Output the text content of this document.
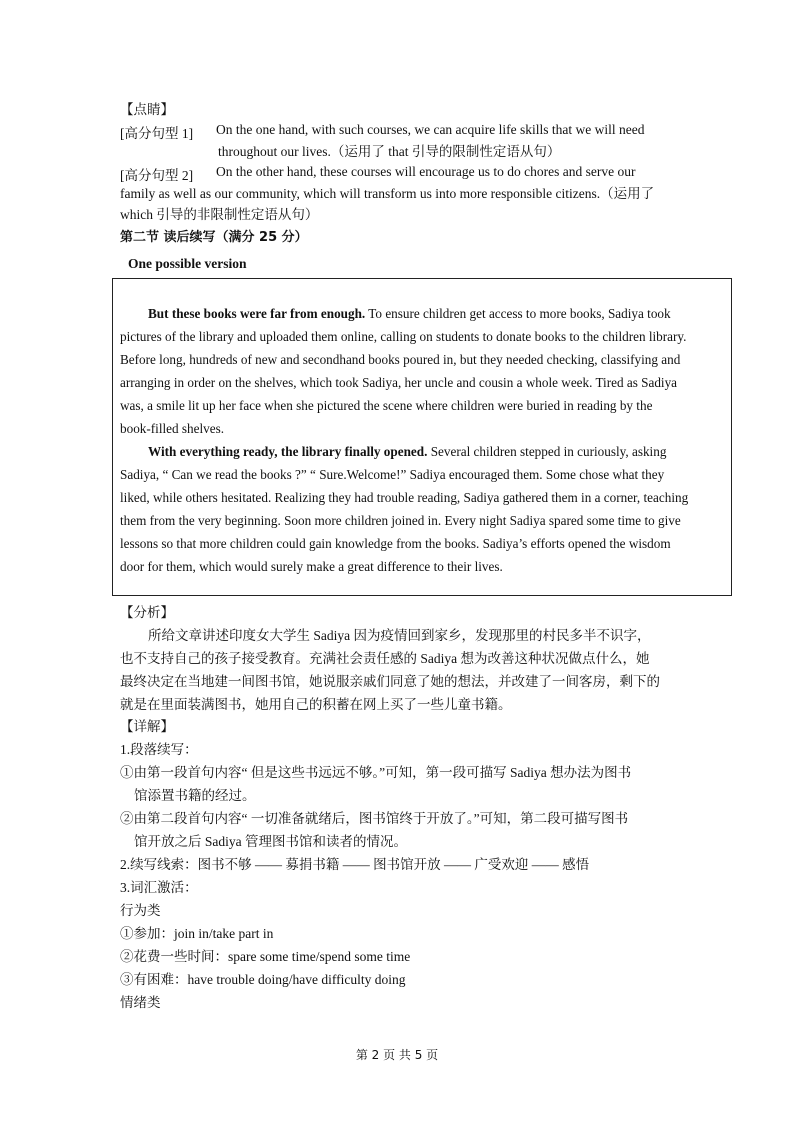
【点睛】
[高分句型 1] On the one hand, with such courses, we can acquire life skills that we will need
throughout our lives.（运用了 that 引导的限制性定语从句）
[高分句型 2] On the other hand, these courses will encourage us to do chores and serve our
family as well as our community, which will transform us into more responsible citizens.（运用了
which 引导的非限制性定语从句）
第二节 读后续写（满分 25 分）
One possible version
But these books were far from enough. To ensure children get access to more books, Sadiya took
pictures of the library and uploaded them online, calling on students to donate books to the children library.
Before long, hundreds of new and secondhand books poured in, but they needed checking, classifying and
arranging in order on the shelves, which took Sadiya, her uncle and cousin a whole week. Tired as Sadiya
was, a smile lit up her face when she pictured the scene where children were buried in reading by the
book-filled shelves.
With everything ready, the library finally opened. Several children stepped in curiously, asking
Sadiya, “ Can we read the books ?” “ Sure.Welcome!” Sadiya encouraged them. Some chose what they
liked, while others hesitated. Realizing they had trouble reading, Sadiya gathered them in a corner, teaching
them from the very beginning. Soon more children joined in. Every night Sadiya spared some time to give
lessons so that more children could gain knowledge from the books. Sadiya’s efforts opened the wisdom
door for them, which would surely make a great difference to their lives.
【分析】
所给文章讲述印度女大学生 Sadiya 因为疫情回到家乡，发现那里的村民多半不识字，
也不支持自己的孩子接受教育。充满社会责任感的 Sadiya 想为改善这种状况做点什么，她
最终决定在当地建一间图书馆，她说服亲戚们同意了她的想法，并改建了一间客房，剩下的
就是在里面装满图书，她用自己的积蓄在网上买了一些儿童书籍。
【详解】
1.段落续写：
①由第一段首句内容“ 但是这些书远远不够。”可知，第一段可描写 Sadiya 想办法为图书
馆添置书籍的经过。
②由第二段首句内容“ 一切准备就绪后，图书馆终于开放了。”可知，第二段可描写图书
馆开放之后 Sadiya 管理图书馆和读者的情况。
2.续写线索：图书不够 —— 募捐书籍 —— 图书馆开放 —— 广受欢迎 —— 感悟
3.词汇激活：
行为类
①参加：join in/take part in
②花费一些时间：spare some time/spend some time
③有困难：have trouble doing/have difficulty doing
情绪类
第 2 页 共 5 页
